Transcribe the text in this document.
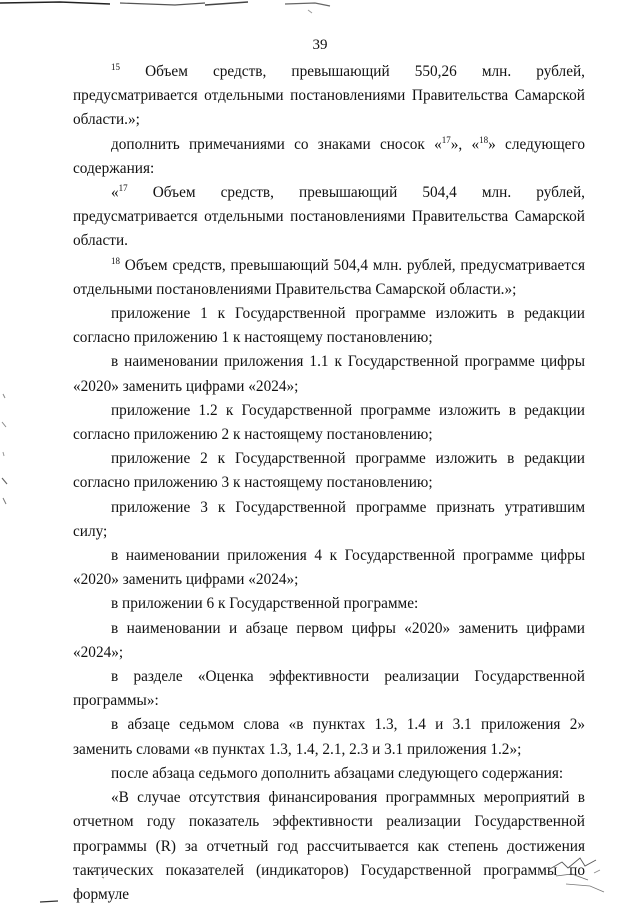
39

$^{15}$ Объем средств, превышающий 550,26 млн. рублей, предусматривается отдельными постановлениями Правительства Самарской области.»;

дополнить примечаниями со знаками сносок «$^{17}$», «$^{18}$» следующего содержания:

«$^{17}$ Объем средств, превышающий 504,4 млн. рублей, предусматривается отдельными постановлениями Правительства Самарской области.

$^{18}$ Объем средств, превышающий 504,4 млн. рублей, предусматривается отдельными постановлениями Правительства Самарской области.»;

приложение 1 к Государственной программе изложить в редакции согласно приложению 1 к настоящему постановлению;

в наименовании приложения 1.1 к Государственной программе цифры «2020» заменить цифрами «2024»;

приложение 1.2 к Государственной программе изложить в редакции согласно приложению 2 к настоящему постановлению;

приложение 2 к Государственной программе изложить в редакции согласно приложению 3 к настоящему постановлению;

приложение 3 к Государственной программе признать утратившим силу;

в наименовании приложения 4 к Государственной программе цифры «2020» заменить цифрами «2024»;

в приложении 6 к Государственной программе:

в наименовании и абзаце первом цифры «2020» заменить цифрами «2024»;

в разделе «Оценка эффективности реализации Государственной программы»:

в абзаце седьмом слова «в пунктах 1.3, 1.4 и 3.1 приложения 2» заменить словами «в пунктах 1.3, 1.4, 2.1, 2.3 и 3.1 приложения 1.2»;

после абзаца седьмого дополнить абзацами следующего содержания:

«В случае отсутствия финансирования программных мероприятий в отчетном году показатель эффективности реализации Государственной программы (R) за отчетный год рассчитывается как степень достижения тактических показателей (индикаторов) Государственной программы по формуле
